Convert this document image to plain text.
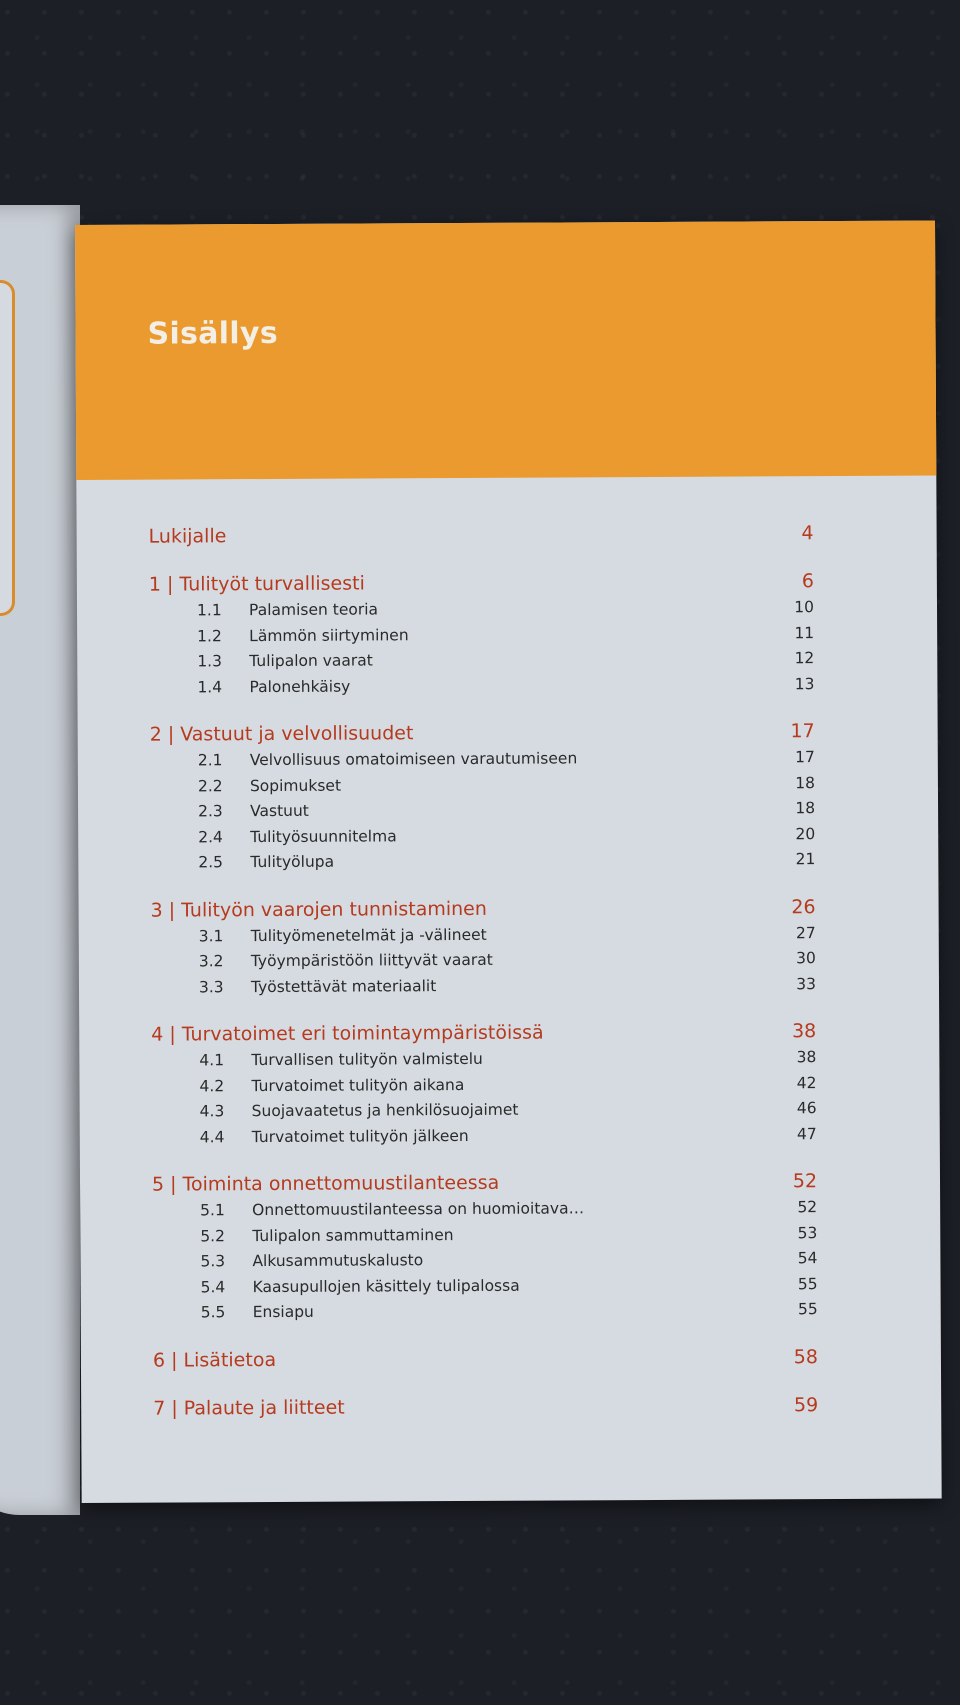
Sisällys
Lukijalle	4
1 | Tulityöt turvallisesti	6
1.1 Palamisen teoria	10
1.2 Lämmön siirtyminen	11
1.3 Tulipalon vaarat	12
1.4 Palonehkäisy	13
2 | Vastuut ja velvollisuudet	17
2.1 Velvollisuus omatoimiseen varautumiseen	17
2.2 Sopimukset	18
2.3 Vastuut	18
2.4 Tulityösuunnitelma	20
2.5 Tulityölupa	21
3 | Tulityön vaarojen tunnistaminen	26
3.1 Tulityömenetelmät ja -välineet	27
3.2 Työympäristöön liittyvät vaarat	30
3.3 Työstettävät materiaalit	33
4 | Turvatoimet eri toimintaympäristöissä	38
4.1 Turvallisen tulityön valmistelu	38
4.2 Turvatoimet tulityön aikana	42
4.3 Suojavaatetus ja henkilösuojaimet	46
4.4 Turvatoimet tulityön jälkeen	47
5 | Toiminta onnettomuustilanteessa	52
5.1 Onnettomuustilanteessa on huomioitava…	52
5.2 Tulipalon sammuttaminen	53
5.3 Alkusammutuskalusto	54
5.4 Kaasupullojen käsittely tulipalossa	55
5.5 Ensiapu	55
6 | Lisätietoa	58
7 | Palaute ja liitteet	59
